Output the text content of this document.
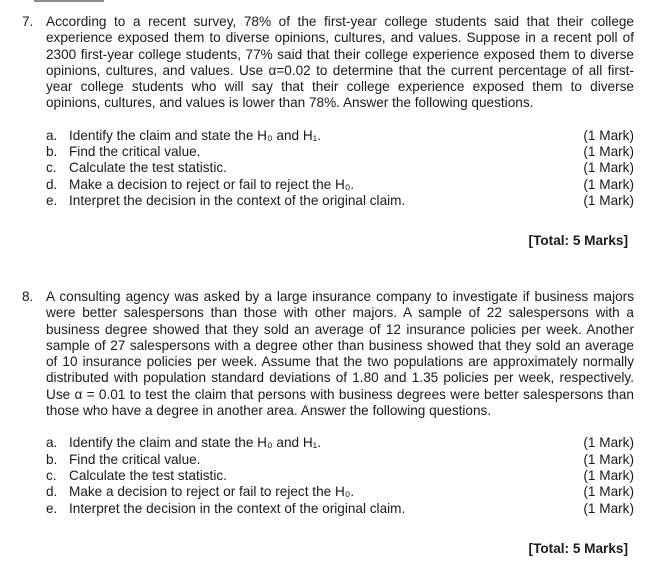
7. According to a recent survey, 78% of the first-year college students said that their college experience exposed them to diverse opinions, cultures, and values. Suppose in a recent poll of 2300 first-year college students, 77% said that their college experience exposed them to diverse opinions, cultures, and values. Use α=0.02 to determine that the current percentage of all first-year college students who will say that their college experience exposed them to diverse opinions, cultures, and values is lower than 78%. Answer the following questions.
a. Identify the claim and state the H₀ and H₁.	(1 Mark)
b. Find the critical value.	(1 Mark)
c. Calculate the test statistic.	(1 Mark)
d. Make a decision to reject or fail to reject the H₀.	(1 Mark)
e. Interpret the decision in the context of the original claim.	(1 Mark)
[Total: 5 Marks]
8. A consulting agency was asked by a large insurance company to investigate if business majors were better salespersons than those with other majors. A sample of 22 salespersons with a business degree showed that they sold an average of 12 insurance policies per week. Another sample of 27 salespersons with a degree other than business showed that they sold an average of 10 insurance policies per week. Assume that the two populations are approximately normally distributed with population standard deviations of 1.80 and 1.35 policies per week, respectively. Use α = 0.01 to test the claim that persons with business degrees were better salespersons than those who have a degree in another area. Answer the following questions.
a. Identify the claim and state the H₀ and H₁.	(1 Mark)
b. Find the critical value.	(1 Mark)
c. Calculate the test statistic.	(1 Mark)
d. Make a decision to reject or fail to reject the H₀.	(1 Mark)
e. Interpret the decision in the context of the original claim.	(1 Mark)
[Total: 5 Marks]
